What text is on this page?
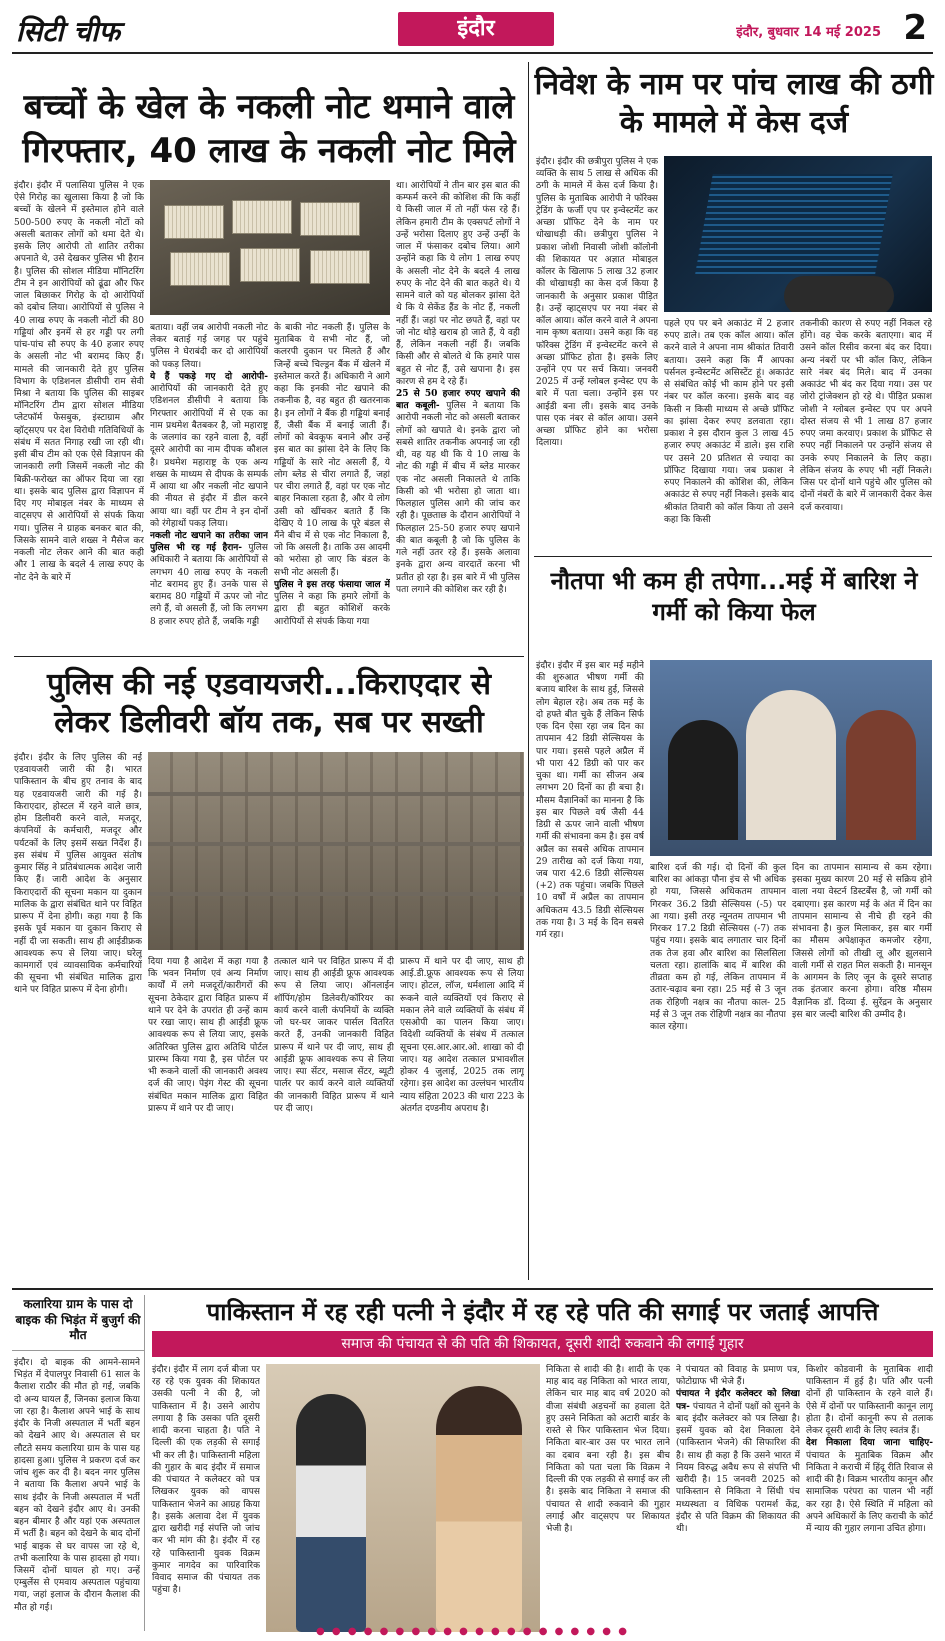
सिटी चीफ	इंदौर	इंदौर, बुधवार 14 मई 2025 2
बच्चों के खेल के नकली नोट थमाने वाले गिरफ्तार, 40 लाख के नकली नोट मिले
इंदौर। इंदौर में पलासिया पुलिस ने एक ऐसे गिरोह का खुलासा किया है जो कि बच्चों के खेलने में इस्तेमाल होने वाले 500-500 रुपए के नकली नोटों को असली बताकर लोगों को थमा देते थे। इसके लिए आरोपी तो शातिर तरीका अपनाते थे, उसे देखकर पुलिस भी हैरान है। पुलिस की सोशल मीडिया मॉनिटरिंग टीम ने इन आरोपियों को ढूंढा और फिर जाल बिछाकर गिरोह के दो आरोपियों को दबोच लिया। आरोपियों से पुलिस ने 40 लाख रुपए के नकली नोटों की 80 गड्डियां और इनमें से हर गड्डी पर लगी पांच-पांच सौ रुपए के 40 हजार रुपए के असली नोट भी बरामद किए हैं। मामले की जानकारी देते हुए पुलिस विभाग के एडिशनल डीसीपी राम सेवी मिश्रा ने बताया कि पुलिस की साइबर मॉनिटरिंग टीम द्वारा सोशल मीडिया प्लेटफॉर्म फेसबुक, इंस्टाग्राम और व्हॉट्सएप पर देश विरोधी गतिविधियों के संबंध में सतत निगाह रखी जा रही थी। इसी बीच टीम को एक ऐसे विज्ञापन की जानकारी लगी जिसमें नकली नोट की बिक्री-फरोख्त का ऑफर दिया जा रहा था। इसके बाद पुलिस द्वारा विज्ञापन में दिए गए मोबाइल नंबर के माध्यम से वाट्सएप से आरोपियों से संपर्क किया गया। पुलिस ने ग्राहक बनकर बात की, जिसके सामने वाले शख्स ने मैसेज कर नकली नोट लेकर आने की बात कही और 1 लाख के बदले 4 लाख रुपए के नोट देने के बारे में
बताया। वहीं जब आरोपी नकली नोट लेकर बताई गई जगह पर पहुंचे पुलिस ने घेराबंदी कर दो आरोपियों को पकड़ लिया।
ये हैं पकड़े गए दो आरोपी- आरोपियों की जानकारी देते हुए एडिशनल डीसीपी ने बताया कि गिरफ्तार आरोपियों में से एक का नाम प्रथमेश बैतबकर है, जो महाराष्ट्र के जलगांव का रहने वाला है, वहीं दूसरे आरोपी का नाम दीपक कौशल है। प्रथमेश महाराष्ट्र के एक अन्य शख्स के माध्यम से दीपक के सम्पर्क में आया था और नकली नोट खपाने की नीयत से इंदौर में डील करने आया था। वहीं पर टीम ने इन दोनों को रंगेहाथों पकड़ लिया।
नकली नोट खपाने का तरीका जान पुलिस भी रह गई हैरान- पुलिस अधिकारी ने बताया कि आरोपियों से लगभग 40 लाख रुपए के नकली नोट बरामद हुए हैं। उनके पास से बरामद 80 गड्डियों में ऊपर जो नोट लगे हैं, वो असली हैं, जो कि लगभग 8 हजार रुपए होते हैं, जबकि गड्डी
के बाकी नोट नकली हैं। पुलिस के मुताबिक ये सभी नोट हैं, जो कलरपी दुकान पर मिलते हैं और जिन्हें बच्चे चिल्ड्रन बैंक में खेलने में इस्तेमाल करते हैं। अधिकारी ने आगे कहा कि इनकी नोट खपाने की तकनीक है, वह बहुत ही खतरनाक है। इन लोगों ने बैंक ही गड्डियां बनाई हैं, जैसी बैंक में बनाई जाती हैं। लोगों को बेवकूफ बनाने और उन्हें इस बात का झांसा देने के लिए कि गड्डियों के सारे नोट असली हैं, ये लोग ब्लेड से चीरा लगाते हैं, जहां पर चीरा लगाते हैं, वहां पर एक नोट बाहर निकाला रहता है, और ये लोग उसी को खींचकर बताते हैं कि देखिए ये 10 लाख के पूरे बंडल से मैंने बीच में से एक नोट निकाला है, जो कि असली है। ताकि उस आदमी को भरोसा हो जाए कि बंडल के सभी नोट असली हैं।
पुलिस ने इस तरह फंसाया जाल में पुलिस ने कहा कि हमारे लोगों के द्वारा ही बहुत कोशिशें करके आरोपियों से संपर्क किया गया
था। आरोपियों ने तीन बार इस बात की कम्फर्म करने की कोशिश की कि कहीं ये किसी जाल में तो नहीं फंस रहे हैं। लेकिन हमारी टीम के एक्सपर्ट लोगों ने उन्हें भरोसा दिलाए हुए उन्हें उन्हीं के जाल में फंसाकर दबोच लिया। आगे उन्होंने कहा कि ये लोग 1 लाख रुपए के असली नोट देने के बदले 4 लाख रुपए के नोट देने की बात कहते थे। ये सामने वाले को यह बोलकर झांसा देते थे कि ये सेकेंड हैंड के नोट हैं, नकली नहीं हैं। जहां पर नोट छपते हैं, वहां पर जो नोट थोड़े खराब हो जाते हैं, ये वही हैं, लेकिन नकली नहीं हैं। जबकि किसी और से बोलते थे कि हमारे पास बहुत से नोट हैं, उसे खपाना है। इस कारण से हम दे रहे हैं।
25 से 50 हजार रुपए खपाने की बात कबूली- पुलिस ने बताया कि आरोपी नकली नोट को असली बताकर लोगों को खपाते थे। इनके द्वारा जो सबसे शातिर तकनीक अपनाई जा रही थी, वह यह थी कि ये 10 लाख के नोट की गड्डी में बीच में ब्लेड मारकर एक नोट असली निकालते थे ताकि किसी को भी भरोसा हो जाता था। फिलहाल पुलिस आगे की जांच कर रही है। पूछताछ के दौरान आरोपियों ने फिलहाल 25-50 हजार रुपए खपाने की बात कबूली है जो कि पुलिस के गले नहीं उतर रहे हैं। इसके अलावा इनके द्वारा अन्य वारदातें करना भी प्रतीत हो रहा है। इस बारे में भी पुलिस पता लगाने की कोशिश कर रही है।
निवेश के नाम पर पांच लाख की ठगी के मामले में केस दर्ज
इंदौर। इंदौर की छत्रीपुरा पुलिस ने एक व्यक्ति के साथ 5 लाख से अधिक की ठगी के मामले में केस दर्ज किया है। पुलिस के मुताबिक आरोपी ने फॉरेक्स ट्रेडिंग के फर्जी एप पर इन्वेस्टमेंट कर अच्छा प्रॉफिट देने के नाम पर धोखाधड़ी की। छत्रीपुरा पुलिस ने प्रकाश जोशी निवासी जोशी कॉलोनी की शिकायत पर अज्ञात मोबाइल कॉलर के खिलाफ 5 लाख 32 हजार की धोखाधड़ी का केस दर्ज किया है जानकारी के अनुसार प्रकाश पीड़ित है। उन्हें व्हाट्सएप पर नया नंबर से कॉल आया। कॉल करने वाले ने अपना नाम कृष्ण बताया। उसने कहा कि वह फॉरेक्स ट्रेडिंग में इन्वेस्टमेंट करने से अच्छा प्रॉफिट होता है। इसके लिए उन्होंने एप पर सर्च किया। जनवरी 2025 में उन्हें ग्लोबल इन्वेस्ट एप के बारे में पता चला। उन्होंने इस पर आईडी बना ली। इसके बाद उनके पास एक नंबर से कॉल आया। उसने अच्छा प्रॉफिट होने का भरोसा दिलाया।
पहले एप पर बने अकाउंट में 2 हजार रुपए डाले। तब एक कॉल आया। कॉल करने वाले ने अपना नाम श्रीकांत तिवारी बताया। उसने कहा कि मैं आपका पर्सनल इन्वेस्टमेंट असिस्टेंट हूं। अकाउंट से संबंधित कोई भी काम होने पर इसी नंबर पर कॉल करना। इसके बाद वह किसी न किसी माध्यम से अच्छे प्रॉफिट का झांसा देकर रुपए डलवाता रहा। प्रकाश ने इस दौरान कुल 3 लाख 45 हजार रुपए अकाउंट में डाले। इस राशि पर उसने 20 प्रतिशत से ज्यादा का प्रॉफिट दिखाया गया। जब प्रकाश ने रुपए निकालने की कोशिश की, लेकिन अकाउंट से रुपए नहीं निकले। इसके बाद श्रीकांत तिवारी को कॉल किया तो उसने कहा कि किसी
तकनीकी कारण से रुपए नहीं निकल रहे होंगे। वह चेक करके बताएगा। बाद में उसने कॉल रिसीव करना बंद कर दिया। अन्य नंबरों पर भी कॉल किए, लेकिन सारे नंबर बंद मिले। बाद में उनका अकाउंट भी बंद कर दिया गया। उस पर जोरो ट्रांजेक्शन हो रहे थे। पीड़ित प्रकाश जोशी ने ग्लोबल इन्वेस्ट एप पर अपने दोस्त संजय से भी 1 लाख 87 हजार रुपए जमा करवाए। प्रकाश के प्रॉफिट से रुपए नहीं निकालने पर उन्होंने संजय से उनके रुपए निकालने के लिए कहा। लेकिन संजय के रुपए भी नहीं निकले। जिस पर दोनों थाने पहुंचे और पुलिस को दोनों नंबरों के बारे में जानकारी देकर केस दर्ज करवाया।
नौतपा भी कम ही तपेगा...मई में बारिश ने गर्मी को किया फेल
इंदौर। इंदौर में इस बार मई महीने की शुरुआत भीषण गर्मी की बजाय बारिश के साथ हुई, जिससे लोग बेहाल रहे। अब तक मई के दो हफ्ते बीत चुके हैं लेकिन सिर्फ एक दिन ऐसा रहा जब दिन का तापमान 42 डिग्री सेल्सियस के पार गया। इससे पहले अप्रैल में भी पारा 42 डिग्री को पार कर चुका था। गर्मी का सीजन अब लगभग 20 दिनों का ही बचा है। मौसम वैज्ञानिकों का मानना है कि इस बार पिछले वर्ष जैसी 44 डिग्री से ऊपर जाने वाली भीषण गर्मी की संभावना कम है। इस वर्ष अप्रैल का सबसे अधिक तापमान 29 तारीख को दर्ज किया गया, जब पारा 42.6 डिग्री सेल्सियस (+2) तक पहुंचा। जबकि पिछले 10 वर्षों में अप्रैल का तापमान अधिकतम 43.5 डिग्री सेल्सियस तक गया है। 3 मई के दिन सबसे गर्म रहा।
बारिश दर्ज की गई। दो दिनों की कुल बारिश का आंकड़ा पौना इंच से भी अधिक हो गया, जिससे अधिकतम तापमान गिरकर 36.2 डिग्री सेल्सियस (-5) पर आ गया। इसी तरह न्यूनतम तापमान भी गिरकर 17.2 डिग्री सेल्सियस (-7) तक पहुंच गया। इसके बाद लगातार चार दिनों तक तेज हवा और बारिश का सिलसिला चलता रहा। हालांकि बाद में बारिश की तीव्रता कम हो गई, लेकिन तापमान में उतार-चढ़ाव बना रहा। 25 मई से 3 जून तक रोहिणी नक्षत्र का नौतपा काल- 25 मई से 3 जून तक रोहिणी नक्षत्र का नौतपा काल रहेगा।
दिन का तापमान सामान्य से कम रहेगा। इसका मुख्य कारण 20 मई से सक्रिय होने वाला नया वेस्टर्न डिस्टर्बेंस है, जो गर्मी को दबाएगा। इस कारण मई के अंत में दिन का तापमान सामान्य से नीचे ही रहने की संभावना है। कुल मिलाकर, इस बार गर्मी का मौसम अपेक्षाकृत कमजोर रहेगा, जिससे लोगों को तीखी लू और झुलसाने वाली गर्मी से राहत मिल सकती है। मानसून के आगमन के लिए जून के दूसरे सप्ताह तक इंतजार करना होगा। वरिष्ठ मौसम वैज्ञानिक डॉ. दिव्या ई. सुरेंद्रन के अनुसार इस बार जल्दी बारिश की उम्मीद है।
पुलिस की नई एडवायजरी...किराएदार से लेकर डिलीवरी बॉय तक, सब पर सख्ती
इंदौर। इंदौर के लिए पुलिस की नई एडवायजरी जारी की है। भारत पाकिस्तान के बीच हुए तनाव के बाद यह एडवायजरी जारी की गई है। किराएदार, होस्टल में रहने वाले छात्र, होम डिलीवरी करने वाले, मजदूर, कंपनियों के कर्मचारी, मजदूर और पर्यटकों के लिए इसमें सख्त निर्देश हैं। इस संबंध में पुलिस आयुक्त संतोष कुमार सिंह ने प्रतिबंधात्मक आदेश जारी किए हैं। जारी आदेश के अनुसार किराएदारों की सूचना मकान या दुकान मालिक के द्वारा संबंधित थाने पर विहित प्रारूप में देना होगी। कहा गया है कि इसके पूर्व मकान या दुकान किराए से नहीं दी जा सकती। साथ ही आईडीफ्रक आवश्यक रूप से लिया जाए। घरेलू कामगारों एवं व्यावसायिक कर्मचारियों की सूचना भी संबंधित मालिक द्वारा थाने पर विहित प्रारूप में देना होगी।
दिया गया है आदेश में कहा गया है कि भवन निर्माण एवं अन्य निर्माण कार्यों में लगे मजदूरों/कारीगरों की सूचना ठेकेदार द्वारा विहित प्रारूप में थाने पर देने के उपरांत ही उन्हें काम पर रखा जाए। साथ ही आईडी फ्रूफ आवश्यक रूप से लिया जाए, इसके अतिरिक्त पुलिस द्वारा अतिथि पोर्टल प्रारम्भ किया गया है, इस पोर्टल पर भी रूकने वालों की जानकारी अवश्य दर्ज की जाए। पेइंग गेस्ट की सूचना संबंधित मकान मालिक द्वारा विहित प्रारूप में थाने पर दी जाए।
तत्काल थाने पर विहित प्रारूप में दी जाए। साथ ही आईडी फ्रूफ आवश्यक रूप से लिया जाए। ऑनलाईन शॉपिंग/होम डिलेवरी/कॉरियर का कार्य करने वाली कंपनियों के व्यक्ति जो घर-घर जाकर पार्सल वितरित करते हैं, उनकी जानकारी विहित प्रारूप में थाने पर दी जाए, साथ ही आईडी फ्रूफ आवश्यक रूप से लिया जाए। स्पा सेंटर, मसाज सेंटर, ब्यूटी पार्लर पर कार्य करने वाले व्यक्तियों की जानकारी विहित प्रारूप में थाने पर दी जाए।
प्रारूप में थाने पर दी जाए, साथ ही आई.डी.फ्रूफ आवश्यक रूप से लिया जाए। होटल, लॉज, धर्मशाला आदि में रूकने वाले व्यक्तियों एवं किराए से मकान लेने वाले व्यक्तियों के संबंध में एसओपी का पालन किया जाए। विदेशी व्यक्तियों के संबंध में तत्काल सूचना एस.आर.आर.ओ. शाखा को दी जाए। यह आदेश तत्काल प्रभावशील होकर 4 जुलाई, 2025 तक लागू रहेगा। इस आदेश का उल्लंघन भारतीय न्याय संहिता 2023 की धारा 223 के अंतर्गत दण्डनीय अपराध है।
कलारिया ग्राम के पास दो बाइक की भिड़ंत में बुजुर्ग की मौत
इंदौर। दो बाइक की आमने-सामने भिड़ंत में देपालपुर निवासी 61 साल के कैलाश राठौर की मौत हो गई, जबकि दो अन्य घायल हैं, जिनका इलाज किया जा रहा है। कैलाश अपने भाई के साथ इंदौर के निजी अस्पताल में भर्ती बहन को देखने आए थे। अस्पताल से घर लौटते समय कलारिया ग्राम के पास यह हादसा हुआ। पुलिस ने प्रकरण दर्ज कर जांच शुरू कर दी है। बदन नगर पुलिस ने बताया कि कैलाश अपने भाई के साथ इंदौर के निजी अस्पताल में भर्ती बहन को देखने इंदौर आए थे। उनकी बहन बीमार है और यहां एक अस्पताल में भर्ती है। बहन को देखने के बाद दोनों भाई बाइक से घर वापस जा रहे थे, तभी कलारिया के पास हादसा हो गया। जिसमें दोनों घायल हो गए। उन्हें एम्बुलेंस से एमवाय अस्पताल पहुंचाया गया, जहां इलाज के दौरान कैलाश की मौत हो गई।
पाकिस्तान में रह रही पत्नी ने इंदौर में रह रहे पति की सगाई पर जताई आपत्ति
समाज की पंचायत से की पति की शिकायत, दूसरी शादी रुकवाने की लगाई गुहार
इंदौर। इंदौर में लाग दर्ज बीजा पर रह रहे एक युवक की शिकायत उसकी पत्नी ने की है, जो पाकिस्तान में है। उसने आरोप लगाया है कि उसका पति दूसरी शादी करना चाहता है। पति ने दिल्ली की एक लड़की से सगाई भी कर ली है। पाकिस्तानी महिला की गुहार के बाद इंदौर में समाज की पंचायत ने कलेक्टर को पत्र लिखकर युवक को वापस पाकिस्तान भेजने का आग्रह किया है। इसके अलावा देश में युवक द्वारा खरीदी गई संपत्ति जो जांच कर भी मांग की है। इंदौर में रह रहे पाकिस्तानी युवक विक्रम कुमार नागदेव का पारिवारिक विवाद समाज की पंचायत तक पहुंचा है।
निकिता से शादी की है। शादी के एक माह बाद वह निकिता को भारत लाया, लेकिन चार माह बाद वर्ष 2020 को वीजा संबंधी अड़चनों का हवाला देते हुए उसने निकिता को अटारी बार्डर के रास्ते से फिर पाकिस्तान भेज दिया। निकिता बार-बार उस पर भारत लाने का दबाव बना रही है। इस बीच निकिता को पता चला कि विक्रम ने दिल्ली की एक लड़की से सगाई कर ली है। इसके बाद निकिता ने समाज की पंचायत से शादी रुकवाने की गुहार लगाई और वाट्सएप पर शिकायत भेजी है।
ने पंचायत को विवाह के प्रमाण पत्र, फोटोग्राफ भी भेजे हैं।
पंचायत ने इंदौर कलेक्टर को लिखा पत्र- पंचायत ने दोनों पक्षों को सुनने के बाद इंदौर कलेक्टर को पत्र लिखा है। इसमें युवक को देश निकाला देने (पाकिस्तान भेजने) की सिफारिश की है। साथ ही कहा है कि उसने भारत में नियम विरुद्ध अवैध रूप से संपत्ति भी खरीदी है। 15 जनवरी 2025 को पाकिस्तान से निकिता ने सिंधी पंच मध्यस्थता व विधिक परामर्श केंद्र, इंदौर से पति विक्रम की शिकायत की थी।
किशोर कोडवानी के मुताबिक शादी पाकिस्तान में हुई है। पति और पत्नी दोनों ही पाकिस्तान के रहने वाले हैं। ऐसे में दोनों पर पाकिस्तानी कानून लागू होता है। दोनों कानूनी रूप से तलाक लेकर दूसरी शादी के लिए स्वतंत्र हैं।
देश निकाला दिया जाना चाहिए- पंचायत के मुताबिक विक्रम और निकिता ने कराची में हिंदू रीति रिवाज से शादी की है। विक्रम भारतीय कानून और सामाजिक परंपरा का पालन भी नहीं कर रहा है। ऐसे स्थिति में महिला को अपने अधिकारों के लिए कराची के कोर्ट में न्याय की गुहार लगाना उचित होगा।
● ● ● ● ● ● ● ● ● ● ● ● ● ● ● ● ● ● ● ●
